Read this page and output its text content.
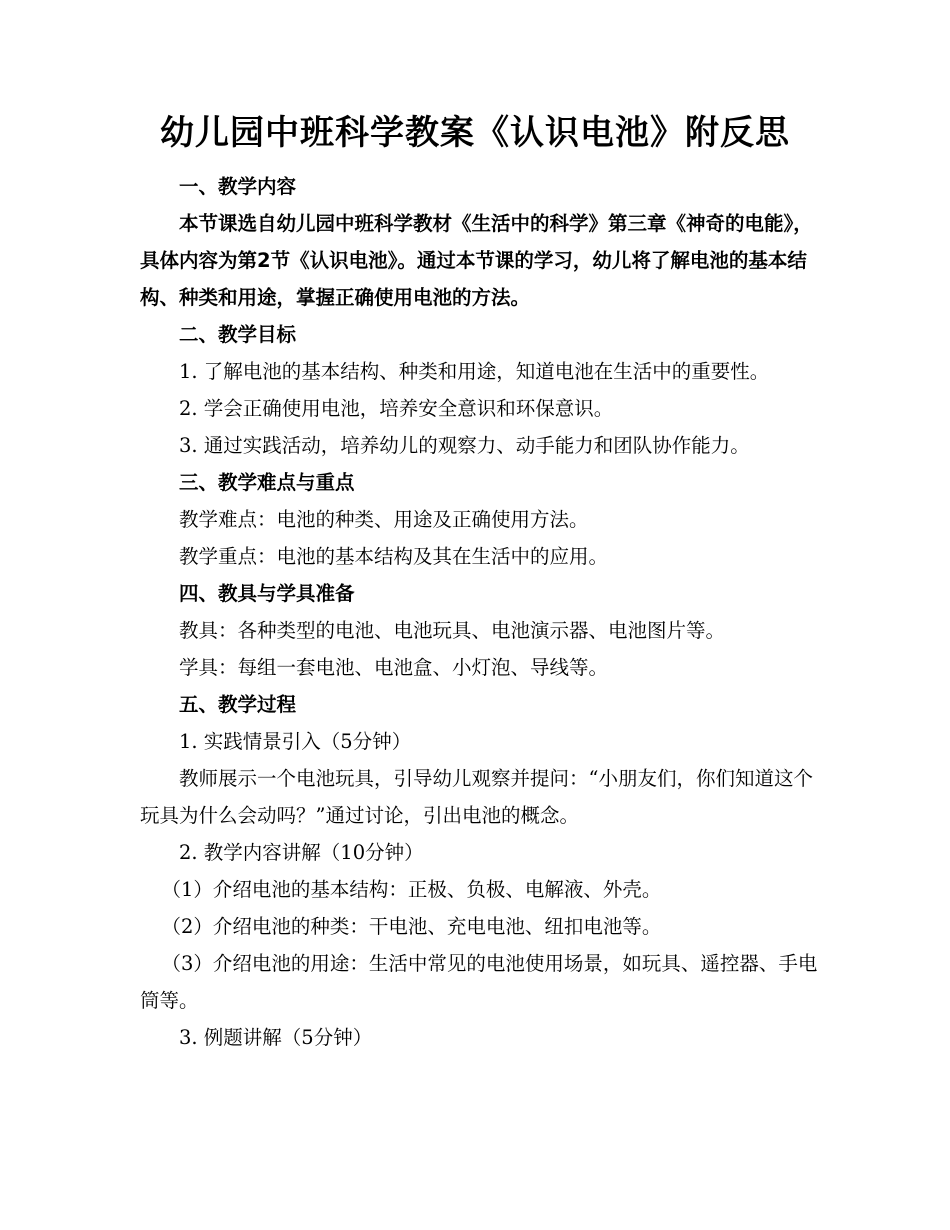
幼儿园中班科学教案《认识电池》附反思

一、教学内容

本节课选自幼儿园中班科学教材《生活中的科学》第三章《神奇的电能》，具体内容为第2节《认识电池》。通过本节课的学习，幼儿将了解电池的基本结构、种类和用途，掌握正确使用电池的方法。

二、教学目标

1. 了解电池的基本结构、种类和用途，知道电池在生活中的重要性。

2. 学会正确使用电池，培养安全意识和环保意识。

3. 通过实践活动，培养幼儿的观察力、动手能力和团队协作能力。

三、教学难点与重点

教学难点：电池的种类、用途及正确使用方法。

教学重点：电池的基本结构及其在生活中的应用。

四、教具与学具准备

教具：各种类型的电池、电池玩具、电池演示器、电池图片等。

学具：每组一套电池、电池盒、小灯泡、导线等。

五、教学过程

1. 实践情景引入（5分钟）

教师展示一个电池玩具，引导幼儿观察并提问：“小朋友们，你们知道这个玩具为什么会动吗？”通过讨论，引出电池的概念。

2. 教学内容讲解（10分钟）

（1）介绍电池的基本结构：正极、负极、电解液、外壳。

（2）介绍电池的种类：干电池、充电电池、纽扣电池等。

（3）介绍电池的用途：生活中常见的电池使用场景，如玩具、遥控器、手电筒等。

3. 例题讲解（5分钟）
